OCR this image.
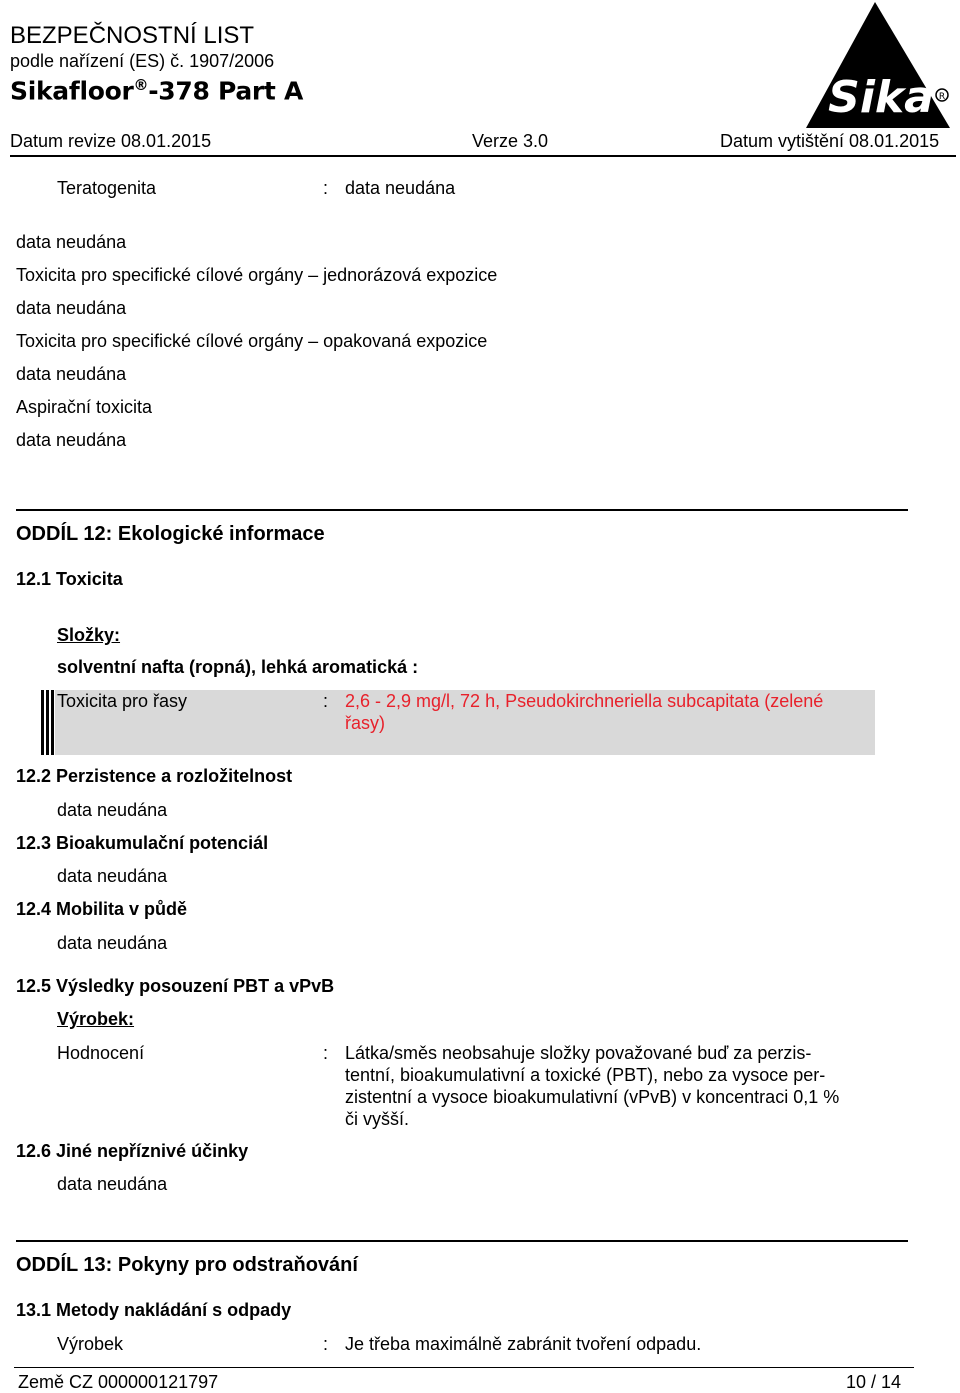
BEZPEČNOSTNÍ LIST
podle nařízení (ES) č. 1907/2006
Sikafloor®-378 Part A	Sika R
Datum revize 08.01.2015	Verze 3.0	Datum vytištění 08.01.2015
Teratogenita	: data neudána
data neudána
Toxicita pro specifické cílové orgány – jednorázová expozice
data neudána
Toxicita pro specifické cílové orgány – opakovaná expozice
data neudána
Aspirační toxicita
data neudána
ODDÍL 12: Ekologické informace
12.1 Toxicita
Složky:
solventní nafta (ropná), lehká aromatická :
Toxicita pro řasy	: 2,6 - 2,9 mg/l, 72 h, Pseudokirchneriella subcapitata (zelené
řasy)
12.2 Perzistence a rozložitelnost
data neudána
12.3 Bioakumulační potenciál
data neudána
12.4 Mobilita v půdě
data neudána
12.5 Výsledky posouzení PBT a vPvB
Výrobek:
Hodnocení	: Látka/směs neobsahuje složky považované buď za perzis-
tentní, bioakumulativní a toxické (PBT), nebo za vysoce per-
zistentní a vysoce bioakumulativní (vPvB) v koncentraci 0,1 %
či vyšší.
12.6 Jiné nepříznivé účinky
data neudána
ODDÍL 13: Pokyny pro odstraňování
13.1 Metody nakládání s odpady
Výrobek	: Je třeba maximálně zabránit tvoření odpadu.
Země CZ 000000121797	10 / 14
